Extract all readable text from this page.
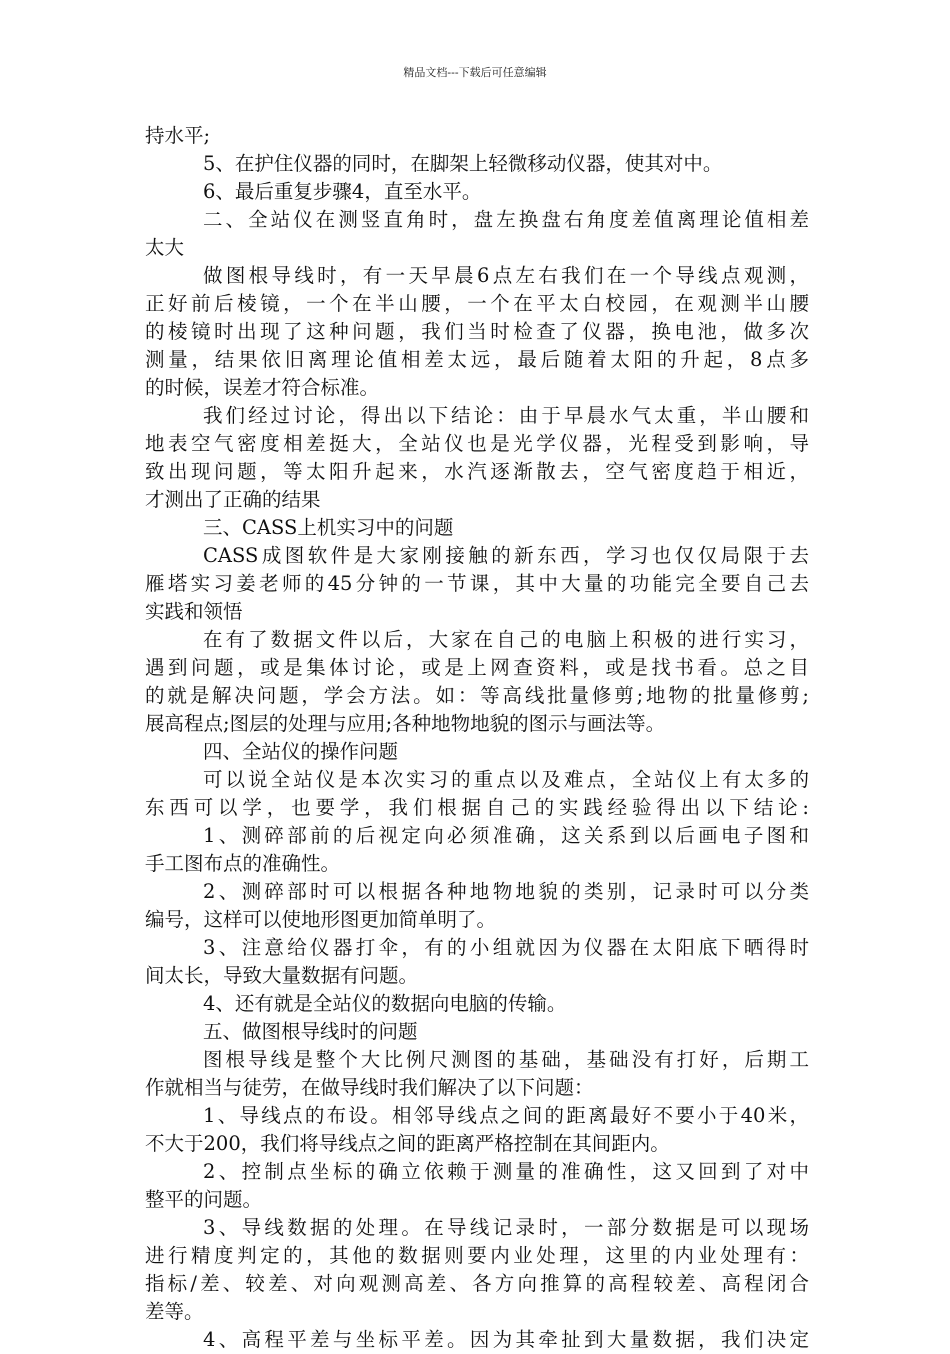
精品文档---下载后可任意编辑
持水平;
5、在护住仪器的同时，在脚架上轻微移动仪器，使其对中。
6、最后重复步骤4，直至水平。
二、全站仪在测竖直角时，盘左换盘右角度差值离理论值相差
太大
做图根导线时，有一天早晨6点左右我们在一个导线点观测，
正好前后棱镜，一个在半山腰，一个在平太白校园，在观测半山腰
的棱镜时出现了这种问题，我们当时检查了仪器，换电池，做多次
测量，结果依旧离理论值相差太远，最后随着太阳的升起，8点多
的时候，误差才符合标准。
我们经过讨论，得出以下结论：由于早晨水气太重，半山腰和
地表空气密度相差挺大，全站仪也是光学仪器，光程受到影响，导
致出现问题，等太阳升起来，水汽逐渐散去，空气密度趋于相近，
才测出了正确的结果
三、CASS上机实习中的问题
CASS成图软件是大家刚接触的新东西，学习也仅仅局限于去
雁塔实习姜老师的45分钟的一节课，其中大量的功能完全要自己去
实践和领悟
在有了数据文件以后，大家在自己的电脑上积极的进行实习，
遇到问题，或是集体讨论，或是上网查资料，或是找书看。总之目
的就是解决问题，学会方法。如：等高线批量修剪;地物的批量修剪;
展高程点;图层的处理与应用;各种地物地貌的图示与画法等。
四、全站仪的操作问题
可以说全站仪是本次实习的重点以及难点，全站仪上有太多的
东西可以学，也要学，我们根据自己的实践经验得出以下结论:
1、测碎部前的后视定向必须准确，这关系到以后画电子图和
手工图布点的准确性。
2、测碎部时可以根据各种地物地貌的类别，记录时可以分类
编号，这样可以使地形图更加简单明了。
3、注意给仪器打伞，有的小组就因为仪器在太阳底下晒得时
间太长，导致大量数据有问题。
4、还有就是全站仪的数据向电脑的传输。
五、做图根导线时的问题
图根导线是整个大比例尺测图的基础，基础没有打好，后期工
作就相当与徒劳，在做导线时我们解决了以下问题：
1、导线点的布设。相邻导线点之间的距离最好不要小于40米，
不大于200，我们将导线点之间的距离严格控制在其间距内。
2、控制点坐标的确立依赖于测量的准确性，这又回到了对中
整平的问题。
3、导线数据的处理。在导线记录时，一部分数据是可以现场
进行精度判定的，其他的数据则要内业处理，这里的内业处理有：
指标/差、较差、对向观测高差、各方向推算的高程较差、高程闭合
差等。
4、高程平差与坐标平差。因为其牵扯到大量数据，我们决定
